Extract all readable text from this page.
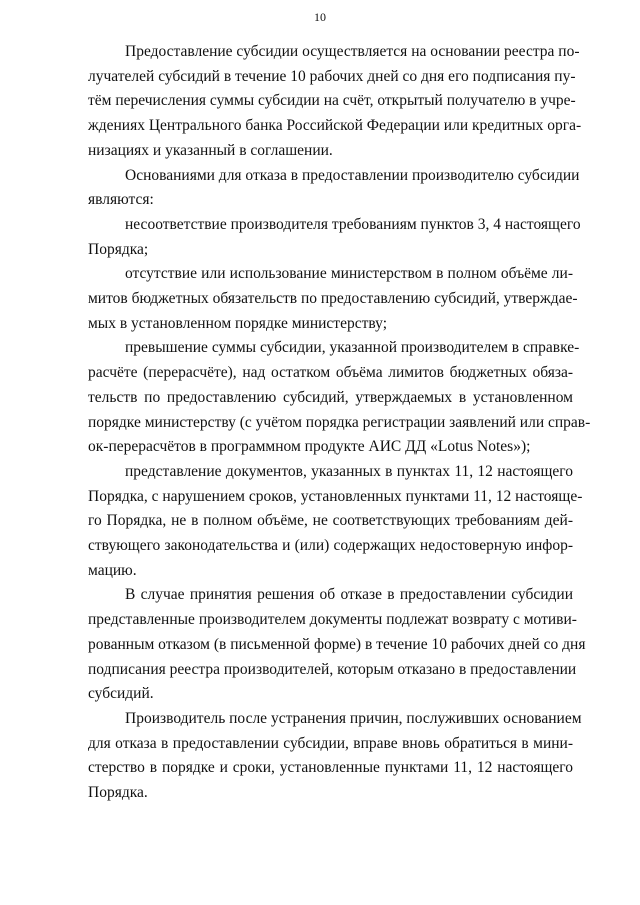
10
Предоставление субсидии осуществляется на основании реестра по-
лучателей субсидий в течение 10 рабочих дней со дня его подписания пу-
тём перечисления суммы субсидии на счёт, открытый получателю в учре-
ждениях Центрального банка Российской Федерации или кредитных орга-
низациях и указанный в соглашении.
Основаниями для отказа в предоставлении производителю субсидии
являются:
несоответствие производителя требованиям пунктов 3, 4 настоящего
Порядка;
отсутствие или использование министерством в полном объёме ли-
митов бюджетных обязательств по предоставлению субсидий, утверждае-
мых в установленном порядке министерству;
превышение суммы субсидии, указанной производителем в справке-
расчёте (перерасчёте), над остатком объёма лимитов бюджетных обяза-
тельств по предоставлению субсидий, утверждаемых в установленном
порядке министерству (с учётом порядка регистрации заявлений или справ-
ок-перерасчётов в программном продукте АИС ДД «Lotus Notes»);
представление документов, указанных в пунктах 11, 12 настоящего
Порядка, с нарушением сроков, установленных пунктами 11, 12 настояще-
го Порядка, не в полном объёме, не соответствующих требованиям дей-
ствующего законодательства и (или) содержащих недостоверную инфор-
мацию.
В случае принятия решения об отказе в предоставлении субсидии
представленные производителем документы подлежат возврату с мотиви-
рованным отказом (в письменной форме) в течение 10 рабочих дней со дня
подписания реестра производителей, которым отказано в предоставлении
субсидий.
Производитель после устранения причин, послуживших основанием
для отказа в предоставлении субсидии, вправе вновь обратиться в мини-
стерство в порядке и сроки, установленные пунктами 11, 12 настоящего
Порядка.
